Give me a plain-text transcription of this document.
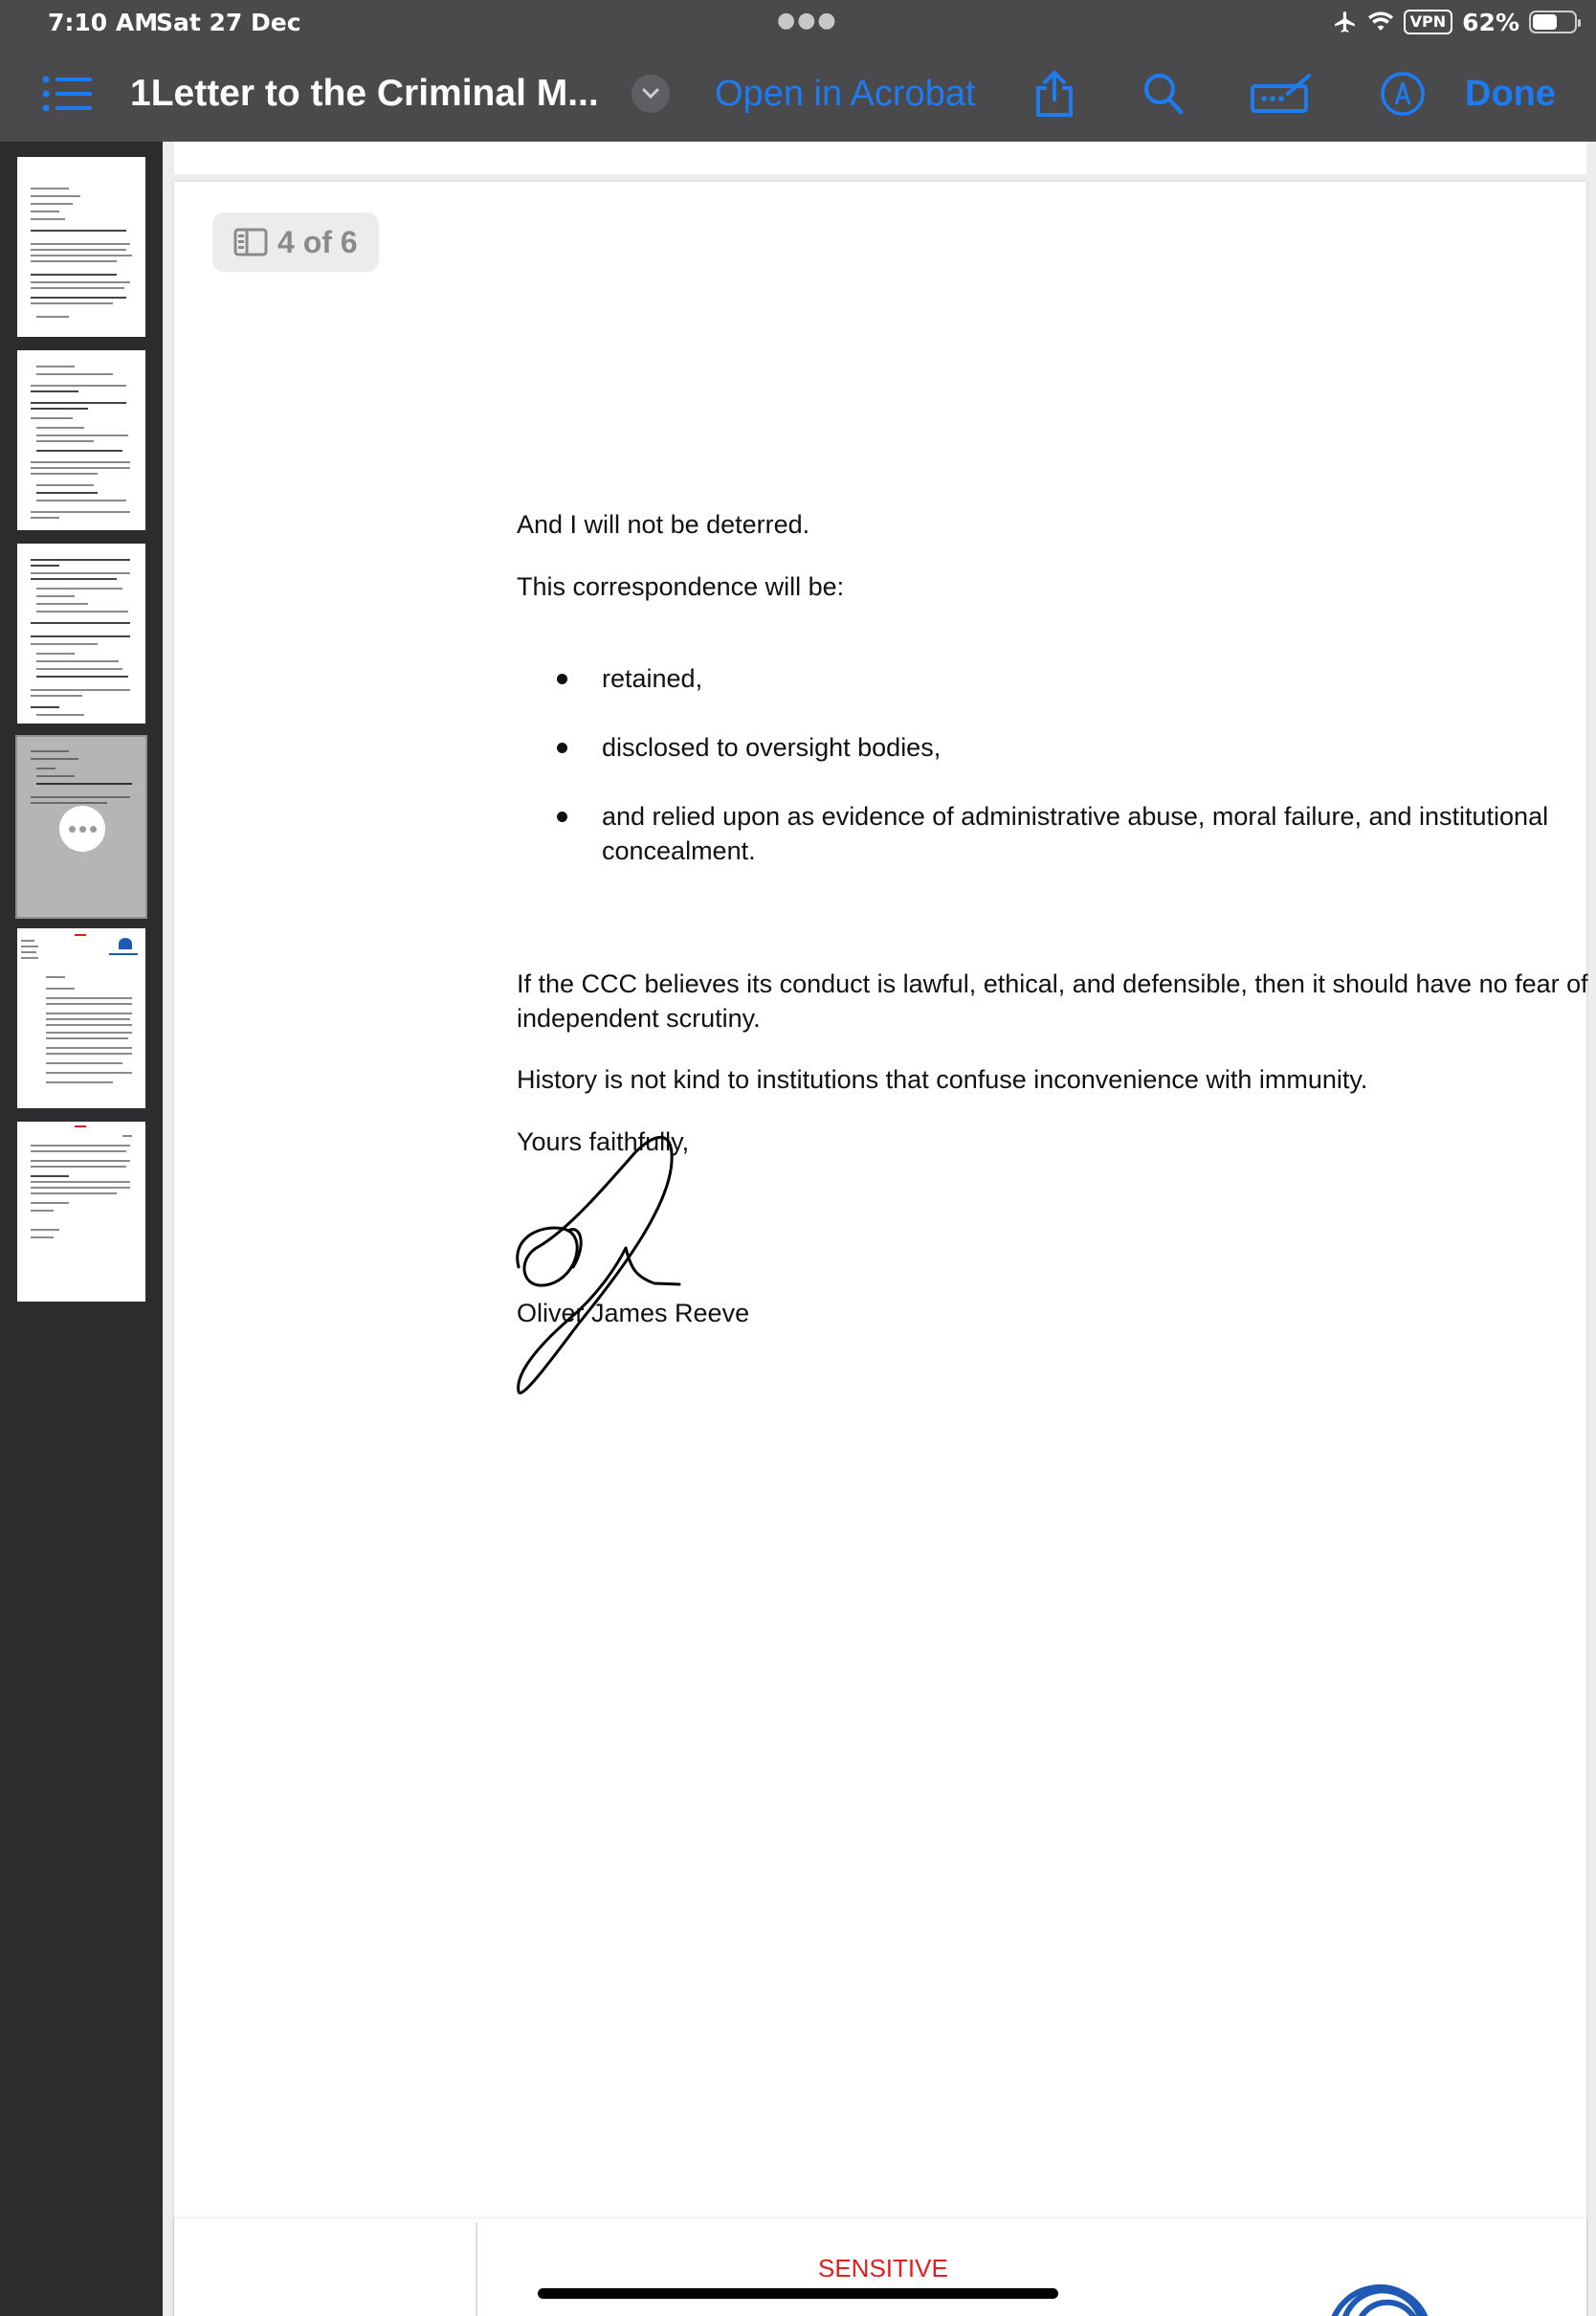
7:10 AM
Sat 27 Dec	●●●	VPN 62%
1Letter to the Criminal M...	Open in Acrobat	Done
4 of 6
And I will not be deterred.
This correspondence will be:
retained,
disclosed to oversight bodies,
and relied upon as evidence of administrative abuse, moral failure, and institutional concealment.
If the CCC believes its conduct is lawful, ethical, and defensible, then it should have no fear of independent scrutiny.
History is not kind to institutions that confuse inconvenience with immunity.
Yours faithfully,
Oliver James Reeve
SENSITIVE
